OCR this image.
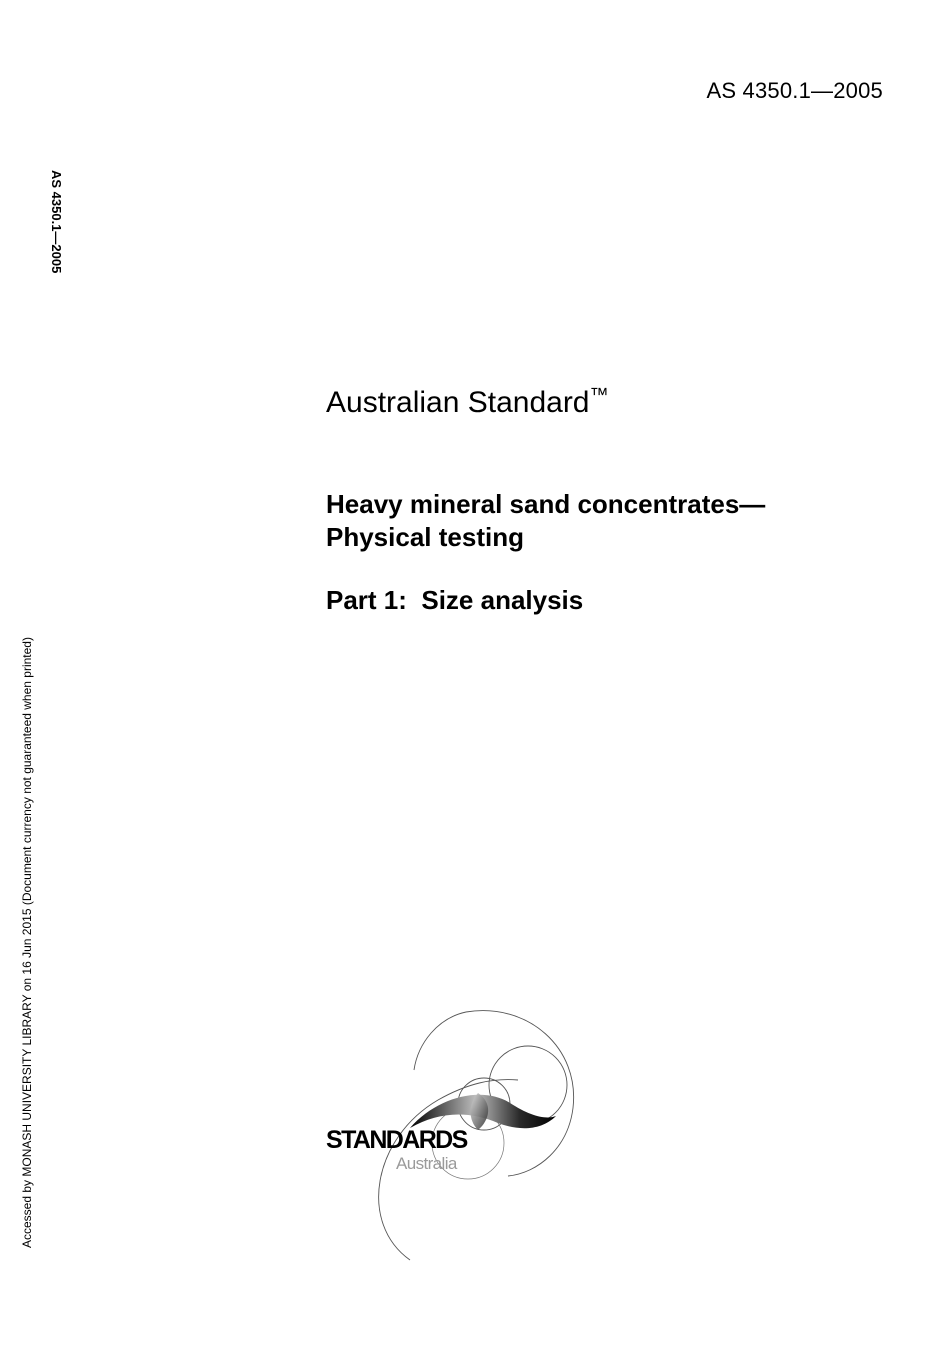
AS 4350.1—2005
AS 4350.1—2005
Accessed by MONASH UNIVERSITY LIBRARY on 16 Jun 2015 (Document currency not guaranteed when printed)
Australian Standard™
Heavy mineral sand concentrates—
Physical testing
Part 1:  Size analysis
STANDARDS
Australia
